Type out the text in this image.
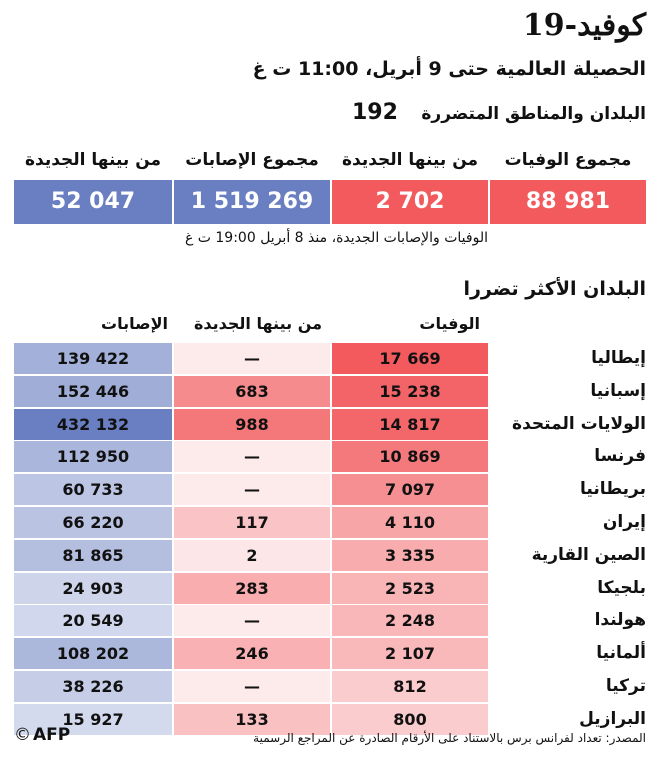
كوفيد-19
الحصيلة العالمية حتى 9 أبريل، 11:00 ت غ
البلدان والمناطق المتضررة
192
مجموع الوفيات
من بينها الجديدة
مجموع الإصابات
من بينها الجديدة
88 981
2 702
1 519 269
52 047
الوفيات والإصابات الجديدة، منذ 8 أبريل 19:00 ت غ
البلدان الأكثر تضررا
الوفيات
من بينها الجديدة
الإصابات
إيطاليا
17 669
—
139 422
إسبانيا
15 238
683
152 446
الولايات المتحدة
14 817
988
432 132
فرنسا
10 869
—
112 950
بريطانيا
7 097
—
60 733
إيران
4 110
117
66 220
الصين القارية
3 335
2
81 865
بلجيكا
2 523
283
24 903
هولندا
2 248
—
20 549
ألمانيا
2 107
246
108 202
تركيا
812
—
38 226
البرازيل
800
133
15 927
المصدر: تعداد لفرانس برس بالاستناد على الأرقام الصادرة عن المراجع الرسمية
© AFP
